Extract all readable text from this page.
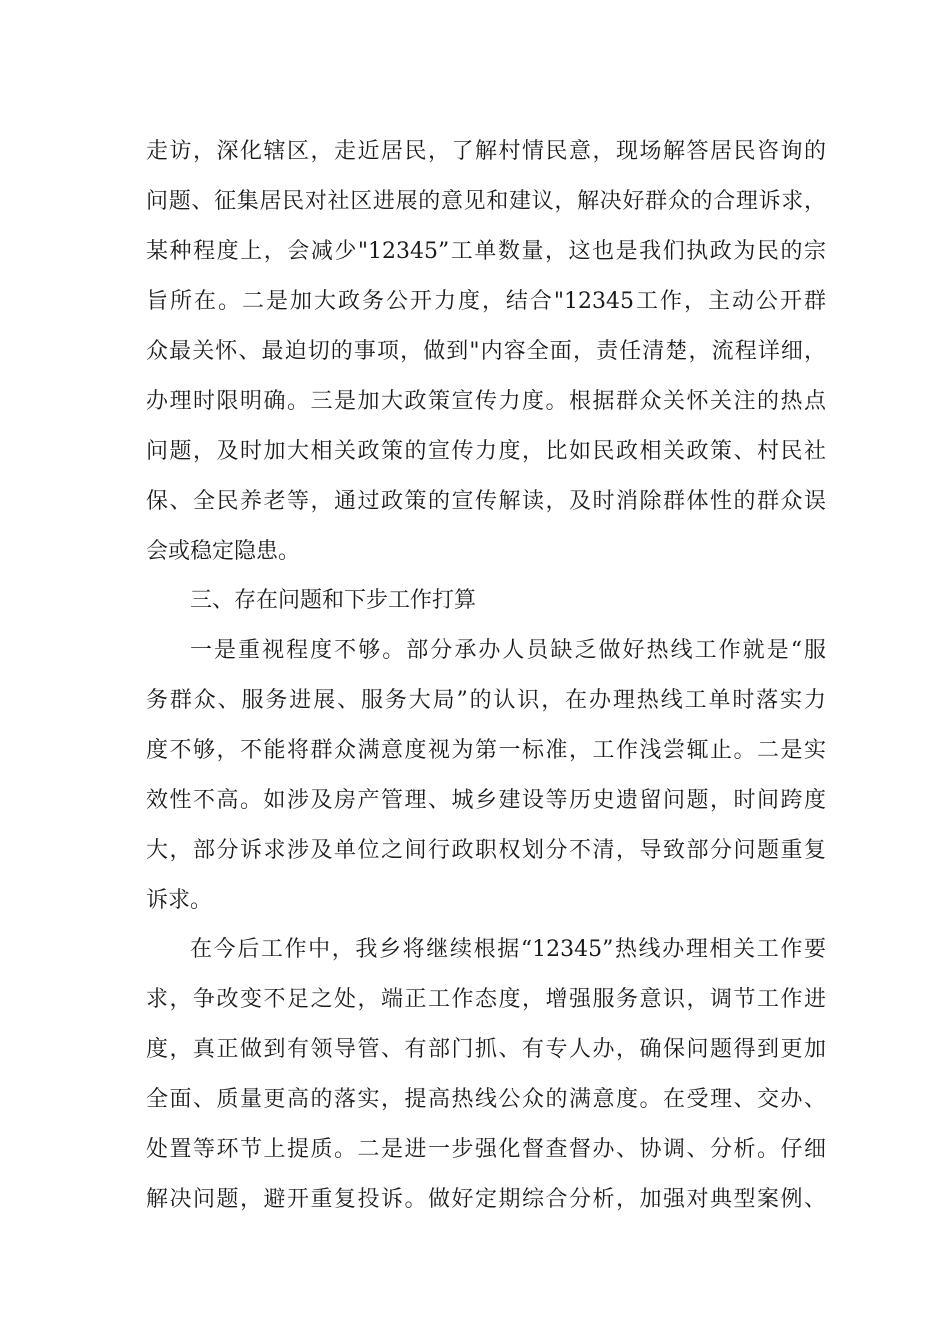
走访，深化辖区，走近居民，了解村情民意，现场解答居民咨询的
问题、征集居民对社区进展的意见和建议，解决好群众的合理诉求，
某种程度上，会减少"12345”工单数量，这也是我们执政为民的宗
旨所在。二是加大政务公开力度，结合"12345工作，主动公开群
众最关怀、最迫切的事项，做到"内容全面，责任清楚，流程详细，
办理时限明确。三是加大政策宣传力度。根据群众关怀关注的热点
问题，及时加大相关政策的宣传力度，比如民政相关政策、村民社
保、全民养老等，通过政策的宣传解读，及时消除群体性的群众误
会或稳定隐患。
三、存在问题和下步工作打算
一是重视程度不够。部分承办人员缺乏做好热线工作就是“服
务群众、服务进展、服务大局”的认识，在办理热线工单时落实力
度不够，不能将群众满意度视为第一标准，工作浅尝辄止。二是实
效性不高。如涉及房产管理、城乡建设等历史遗留问题，时间跨度
大，部分诉求涉及单位之间行政职权划分不清，导致部分问题重复
诉求。
在今后工作中，我乡将继续根据“12345”热线办理相关工作要
求，争改变不足之处，端正工作态度，增强服务意识，调节工作进
度，真正做到有领导管、有部门抓、有专人办，确保问题得到更加
全面、质量更高的落实，提高热线公众的满意度。在受理、交办、
处置等环节上提质。二是进一步强化督查督办、协调、分析。仔细
解决问题，避开重复投诉。做好定期综合分析，加强对典型案例、
